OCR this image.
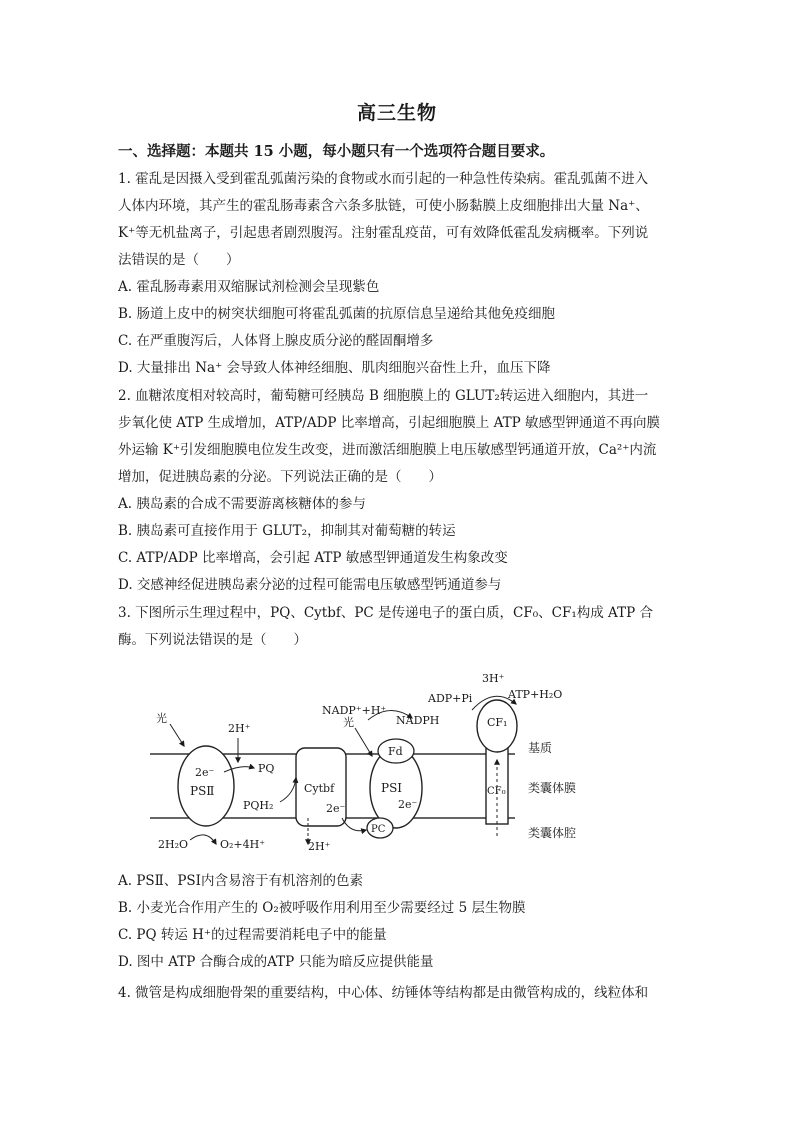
高三生物
一、选择题：本题共 15 小题，每小题只有一个选项符合题目要求。
1. 霍乱是因摄入受到霍乱弧菌污染的食物或水而引起的一种急性传染病。霍乱弧菌不进入
人体内环境，其产生的霍乱肠毒素含六条多肽链，可使小肠黏膜上皮细胞排出大量 Na⁺、
K⁺等无机盐离子，引起患者剧烈腹泻。注射霍乱疫苗，可有效降低霍乱发病概率。下列说
法错误的是（　　）
A. 霍乱肠毒素用双缩脲试剂检测会呈现紫色
B. 肠道上皮中的树突状细胞可将霍乱弧菌的抗原信息呈递给其他免疫细胞
C. 在严重腹泻后，人体肾上腺皮质分泌的醛固酮增多
D. 大量排出 Na⁺ 会导致人体神经细胞、肌肉细胞兴奋性上升，血压下降
2. 血糖浓度相对较高时，葡萄糖可经胰岛 B 细胞膜上的 GLUT₂转运进入细胞内，其进一
步氧化使 ATP 生成增加，ATP/ADP 比率增高，引起细胞膜上 ATP 敏感型钾通道不再向膜
外运输 K⁺引发细胞膜电位发生改变，进而激活细胞膜上电压敏感型钙通道开放，Ca²⁺内流
增加，促进胰岛素的分泌。下列说法正确的是（　　）
A. 胰岛素的合成不需要游离核糖体的参与
B. 胰岛素可直接作用于 GLUT₂，抑制其对葡萄糖的转运
C. ATP/ADP 比率增高，会引起 ATP 敏感型钾通道发生构象改变
D. 交感神经促进胰岛素分泌的过程可能需电压敏感型钙通道参与
3. 下图所示生理过程中，PQ、Cytbf、PC 是传递电子的蛋白质，CF₀、CF₁构成 ATP 合
酶。下列说法错误的是（　　）
A. PSⅡ、PSⅠ内含易溶于有机溶剂的色素
B. 小麦光合作用产生的 O₂被呼吸作用利用至少需要经过 5 层生物膜
C. PQ 转运 H⁺的过程需要消耗电子中的能量
D. 图中 ATP 合酶合成的ATP 只能为暗反应提供能量
4. 微管是构成细胞骨架的重要结构，中心体、纺锤体等结构都是由微管构成的，线粒体和
2e⁻
PSⅡ	Cytbf
2e⁻
PSⅠ
2e⁻
Fd
PC
CF₁
CF₀
光	光
2H⁺
PQ
PQH₂
NADP⁺+H⁺
NADPH
2H₂O	O₂+4H⁺	2H⁺
ADP+Pi
3H⁺
ATP+H₂O
基质
类囊体膜
类囊体腔
